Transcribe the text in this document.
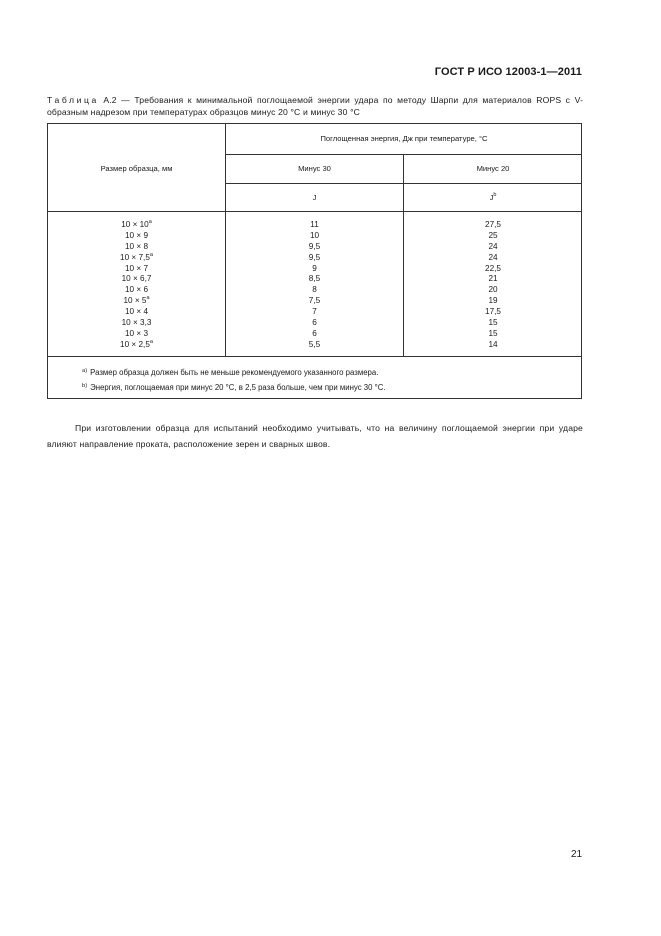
ГОСТ Р ИСО 12003-1—2011
Таблица А.2 — Требования к минимальной поглощаемой энергии удара по методу Шарпи для материалов ROPS с V-образным надрезом при температурах образцов минус 20 °С и минус 30 °С
Размер образца, мм
Поглощенная энергия, Дж при температуре, °С
Минус 30	Минус 20
J	$J^b$
$10 \times 10^a$
10 × 9
10 × 8
10 × 7,5$^a$
10 × 7
10 × 6,7
10 × 6
$10 \times 5^a$
10 × 4
10 × 3,3
10 × 3
10 × 2,5$^a$
11
10
9,5
9,5
9
8,5
8
7,5
7
6
6
5,5
27,5
25
24
24
22,5
21
20
19
17,5
15
15
14
$^{a)}$ Размер образца должен быть не меньше рекомендуемого указанного размера.
$^{b)}$ Энергия, поглощаемая при минус 20 °С, в 2,5 раза больше, чем при минус 30 °С.
При изготовлении образца для испытаний необходимо учитывать, что на величину поглощаемой энергии при ударе влияют направление проката, расположение зерен и сварных швов.
21
